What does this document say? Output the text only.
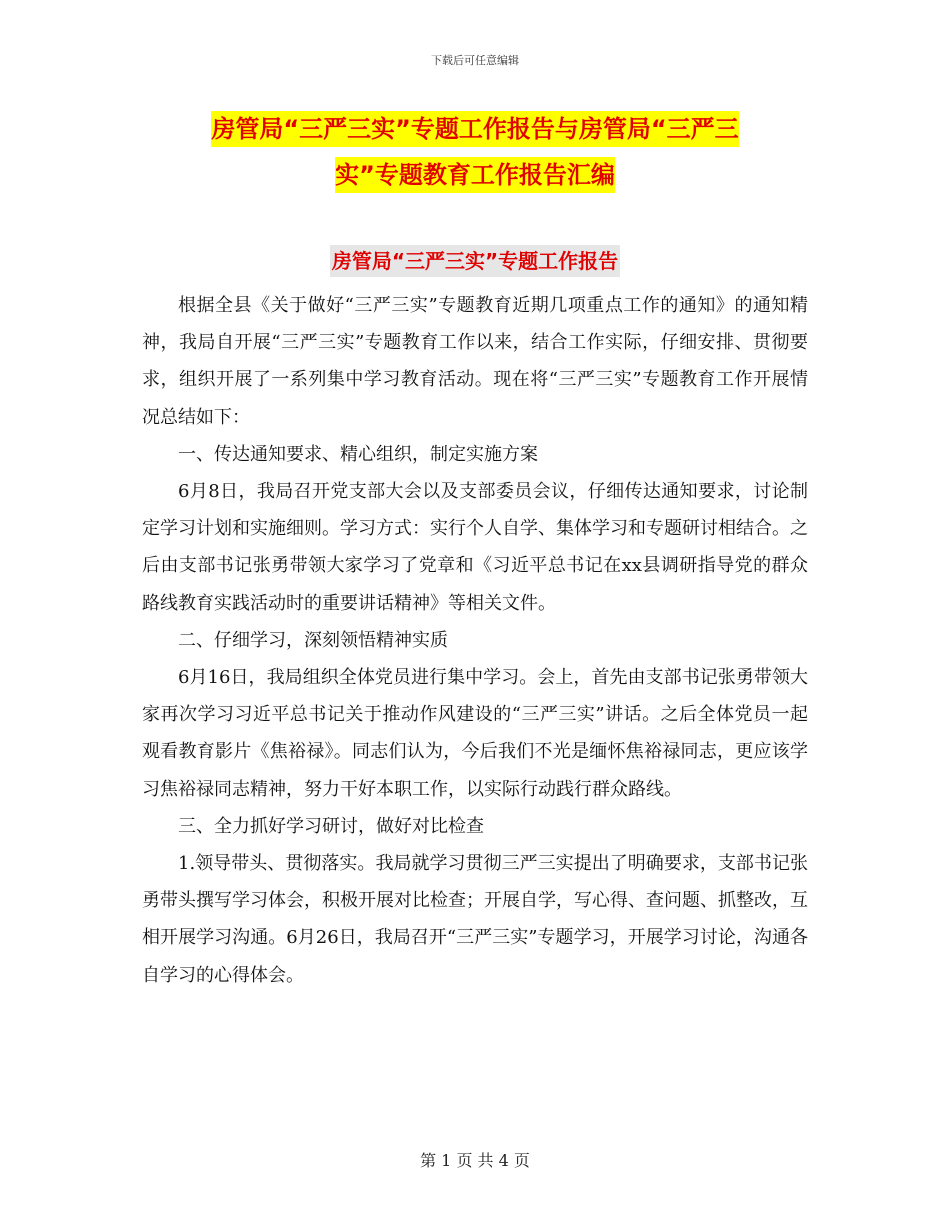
下载后可任意编辑
房管局“三严三实”专题工作报告与房管局“三严三
实”专题教育工作报告汇编
房管局“三严三实”专题工作报告

根据全县《关于做好“三严三实”专题教育近期几项重点工作的通知》的通知精神，我局自开展“三严三实”专题教育工作以来，结合工作实际，仔细安排、贯彻要求，组织开展了一系列集中学习教育活动。现在将“三严三实”专题教育工作开展情况总结如下：

一、传达通知要求、精心组织，制定实施方案

6月8日，我局召开党支部大会以及支部委员会议，仔细传达通知要求，讨论制定学习计划和实施细则。学习方式：实行个人自学、集体学习和专题研讨相结合。之后由支部书记张勇带领大家学习了党章和《习近平总书记在xx县调研指导党的群众路线教育实践活动时的重要讲话精神》等相关文件。

二、仔细学习，深刻领悟精神实质

6月16日，我局组织全体党员进行集中学习。会上，首先由支部书记张勇带领大家再次学习习近平总书记关于推动作风建设的“三严三实”讲话。之后全体党员一起观看教育影片《焦裕禄》。同志们认为，今后我们不光是缅怀焦裕禄同志，更应该学习焦裕禄同志精神，努力干好本职工作，以实际行动践行群众路线。

三、全力抓好学习研讨，做好对比检查

1.领导带头、贯彻落实。我局就学习贯彻三严三实提出了明确要求，支部书记张勇带头撰写学习体会，积极开展对比检查；开展自学，写心得、查问题、抓整改，互相开展学习沟通。6月26日，我局召开“三严三实”专题学习，开展学习讨论，沟通各自学习的心得体会。

第 1 页 共 4 页
